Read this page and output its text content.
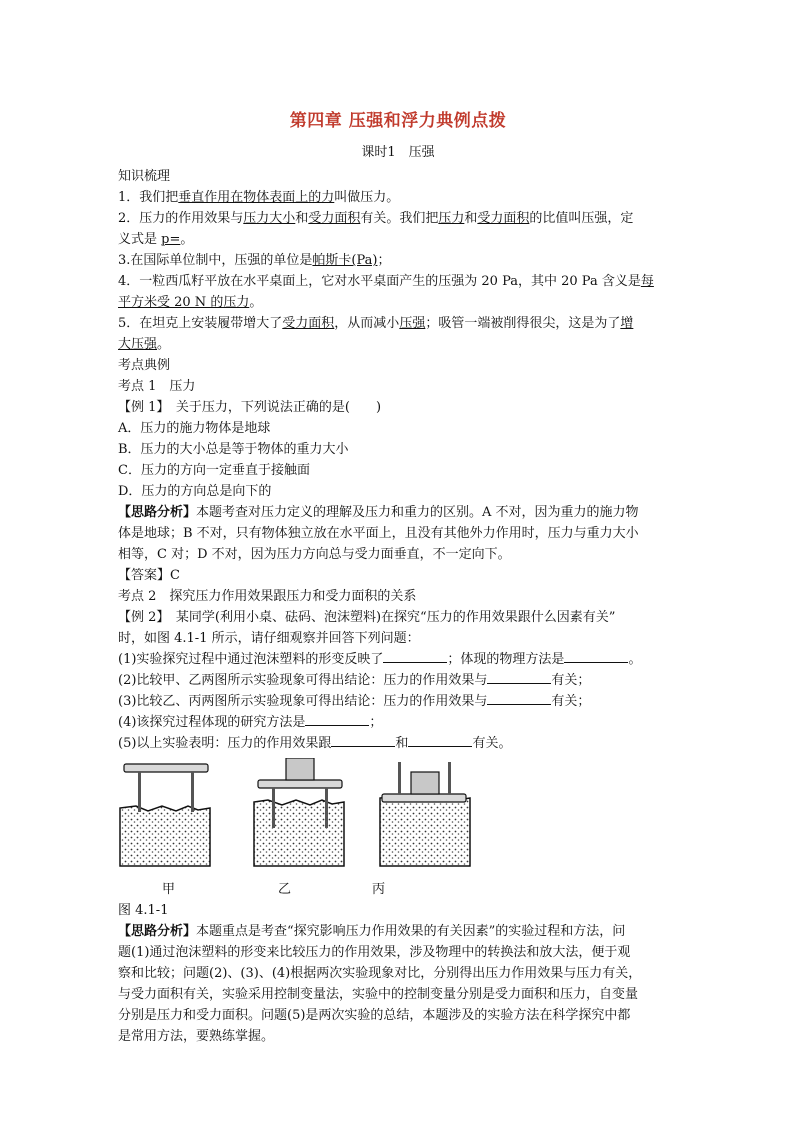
第四章 压强和浮力典例点拨
课时1　压强

知识梳理

1．我们把垂直作用在物体表面上的力叫做压力。

2．压力的作用效果与压力大小和受力面积有关。我们把压力和受力面积的比值叫压强，定

义式是 p=。

3.在国际单位制中，压强的单位是帕斯卡(Pa)；

4．一粒西瓜籽平放在水平桌面上，它对水平桌面产生的压强为 20 Pa，其中 20 Pa 含义是每

平方米受 20 N 的压力。

5．在坦克上安装履带增大了受力面积，从而减小压强；吸管一端被削得很尖，这是为了增

大压强。

考点典例

考点 1　压力

【例 1】　关于压力，下列说法正确的是(　　)

A．压力的施力物体是地球

B．压力的大小总是等于物体的重力大小

C．压力的方向一定垂直于接触面

D．压力的方向总是向下的

【思路分析】本题考查对压力定义的理解及压力和重力的区别。A 不对，因为重力的施力物

体是地球；B 不对，只有物体独立放在水平面上，且没有其他外力作用时，压力与重力大小

相等，C 对；D 不对，因为压力方向总与受力面垂直，不一定向下。

【答案】C

考点 2　探究压力作用效果跟压力和受力面积的关系

【例 2】　某同学(利用小桌、砝码、泡沫塑料)在探究“压力的作用效果跟什么因素有关”

时，如图 4.1-1 所示，请仔细观察并回答下列问题：

(1)实验探究过程中通过泡沫塑料的形变反映了	；体现的物理方法是	。

(2)比较甲、乙两图所示实验现象可得出结论：压力的作用效果与	有关；

(3)比较乙、丙两图所示实验现象可得出结论：压力的作用效果与	有关；

(4)该探究过程体现的研究方法是	；

(5)以上实验表明：压力的作用效果跟	和	有关。

甲	乙	丙

图 4.1-1

【思路分析】本题重点是考查“探究影响压力作用效果的有关因素”的实验过程和方法，问

题(1)通过泡沫塑料的形变来比较压力的作用效果，涉及物理中的转换法和放大法，便于观

察和比较；问题(2)、(3)、(4)根据两次实验现象对比，分别得出压力作用效果与压力有关，

与受力面积有关，实验采用控制变量法，实验中的控制变量分别是受力面积和压力，自变量

分别是压力和受力面积。问题(5)是两次实验的总结，本题涉及的实验方法在科学探究中都

是常用方法，要熟练掌握。
